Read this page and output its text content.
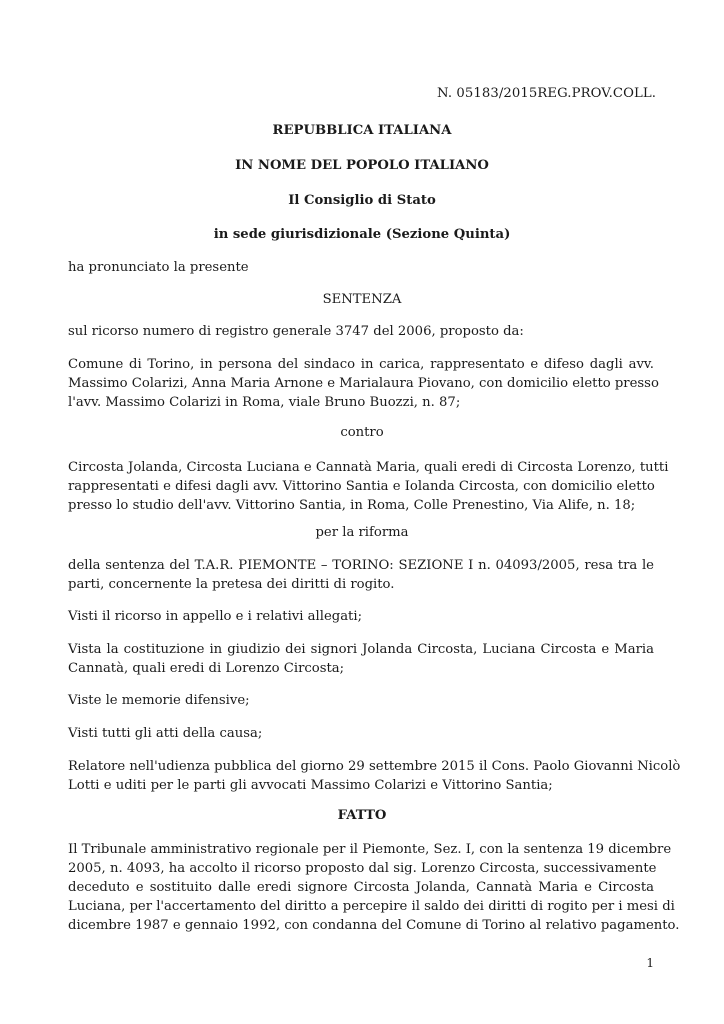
N. 05183/2015REG.PROV.COLL.
REPUBBLICA ITALIANA
IN NOME DEL POPOLO ITALIANO
Il Consiglio di Stato
in sede giurisdizionale (Sezione Quinta)
ha pronunciato la presente
SENTENZA
sul ricorso numero di registro generale 3747 del 2006, proposto da:
Comune di Torino, in persona del sindaco in carica, rappresentato e difeso dagli avv.
Massimo Colarizi, Anna Maria Arnone e Marialaura Piovano, con domicilio eletto presso
l'avv. Massimo Colarizi in Roma, viale Bruno Buozzi, n. 87;
contro
Circosta Jolanda, Circosta Luciana e Cannatà Maria, quali eredi di Circosta Lorenzo, tutti
rappresentati e difesi dagli avv. Vittorino Santia e Iolanda Circosta, con domicilio eletto
presso lo studio dell'avv. Vittorino Santia, in Roma, Colle Prenestino, Via Alife, n. 18;
per la riforma
della sentenza del T.A.R. PIEMONTE – TORINO: SEZIONE I n. 04093/2005, resa tra le
parti, concernente la pretesa dei diritti di rogito.
Visti il ricorso in appello e i relativi allegati;
Vista la costituzione in giudizio dei signori Jolanda Circosta, Luciana Circosta e Maria
Cannatà, quali eredi di Lorenzo Circosta;
Viste le memorie difensive;
Visti tutti gli atti della causa;
Relatore nell'udienza pubblica del giorno 29 settembre 2015 il Cons. Paolo Giovanni Nicolò
Lotti e uditi per le parti gli avvocati Massimo Colarizi e Vittorino Santia;
FATTO
Il Tribunale amministrativo regionale per il Piemonte, Sez. I, con la sentenza 19 dicembre
2005, n. 4093, ha accolto il ricorso proposto dal sig. Lorenzo Circosta, successivamente
deceduto e sostituito dalle eredi signore Circosta Jolanda, Cannatà Maria e Circosta
Luciana, per l'accertamento del diritto a percepire il saldo dei diritti di rogito per i mesi di
dicembre 1987 e gennaio 1992, con condanna del Comune di Torino al relativo pagamento.
1
